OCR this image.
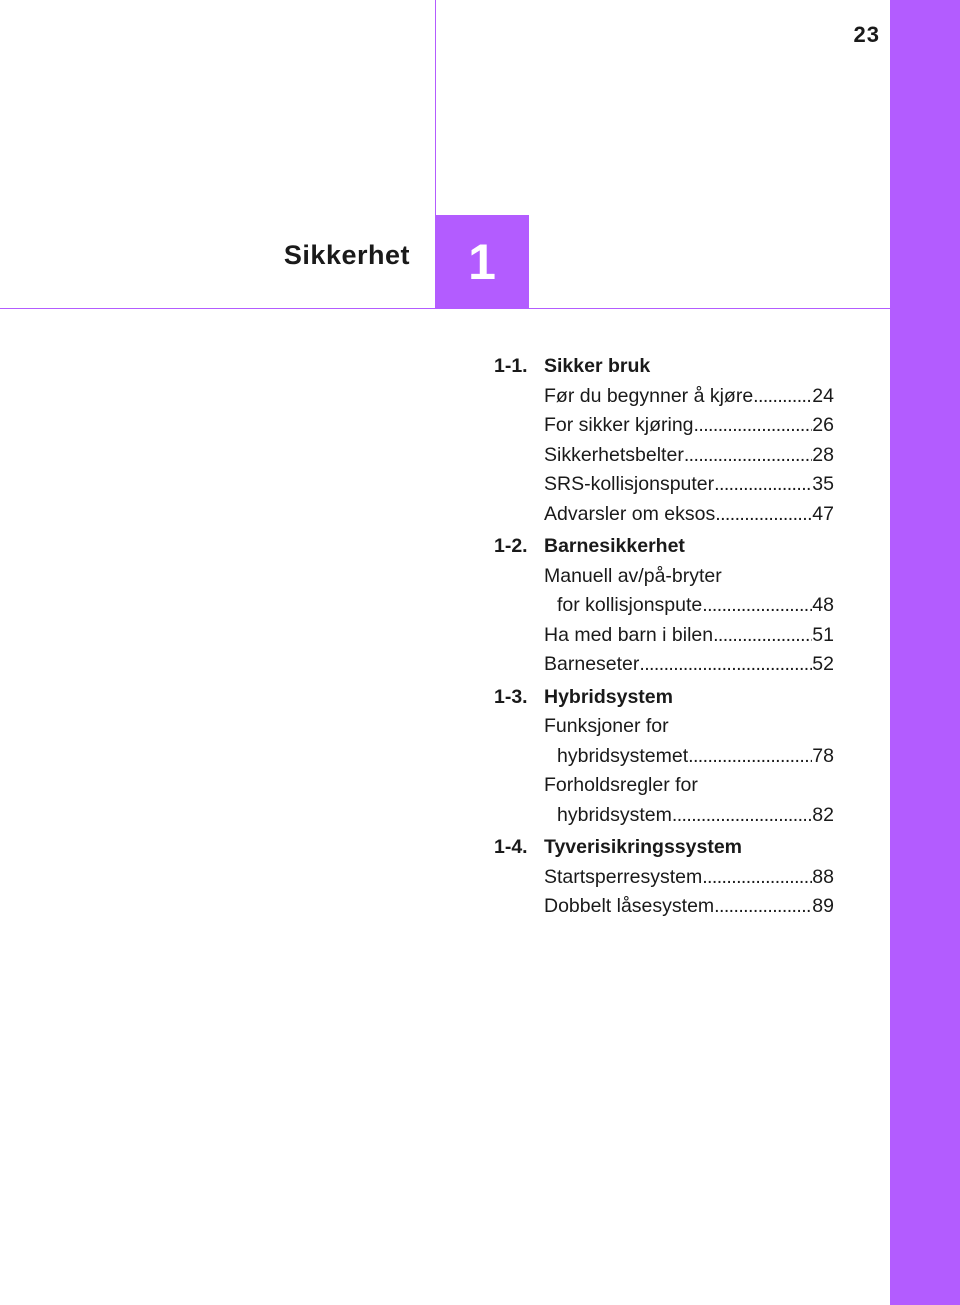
23
1
Sikkerhet
1-1. Sikker bruk
Før du begynner å kjøre . . .	24
For sikker kjøring . . .	26
Sikkerhetsbelter . . .	28
SRS-kollisjonsputer . . .	35
Advarsler om eksos . . .	47
1-2. Barnesikkerhet
Manuell av/på-bryter
for kollisjonspute . . .	48
Ha med barn i bilen . . .	51
Barneseter . . .	52
1-3. Hybridsystem
Funksjoner for
hybridsystemet . . .	78
Forholdsregler for
hybridsystem . . .	82
1-4. Tyverisikringssystem
Startsperresystem . . .	88
Dobbelt låsesystem . . .	89
